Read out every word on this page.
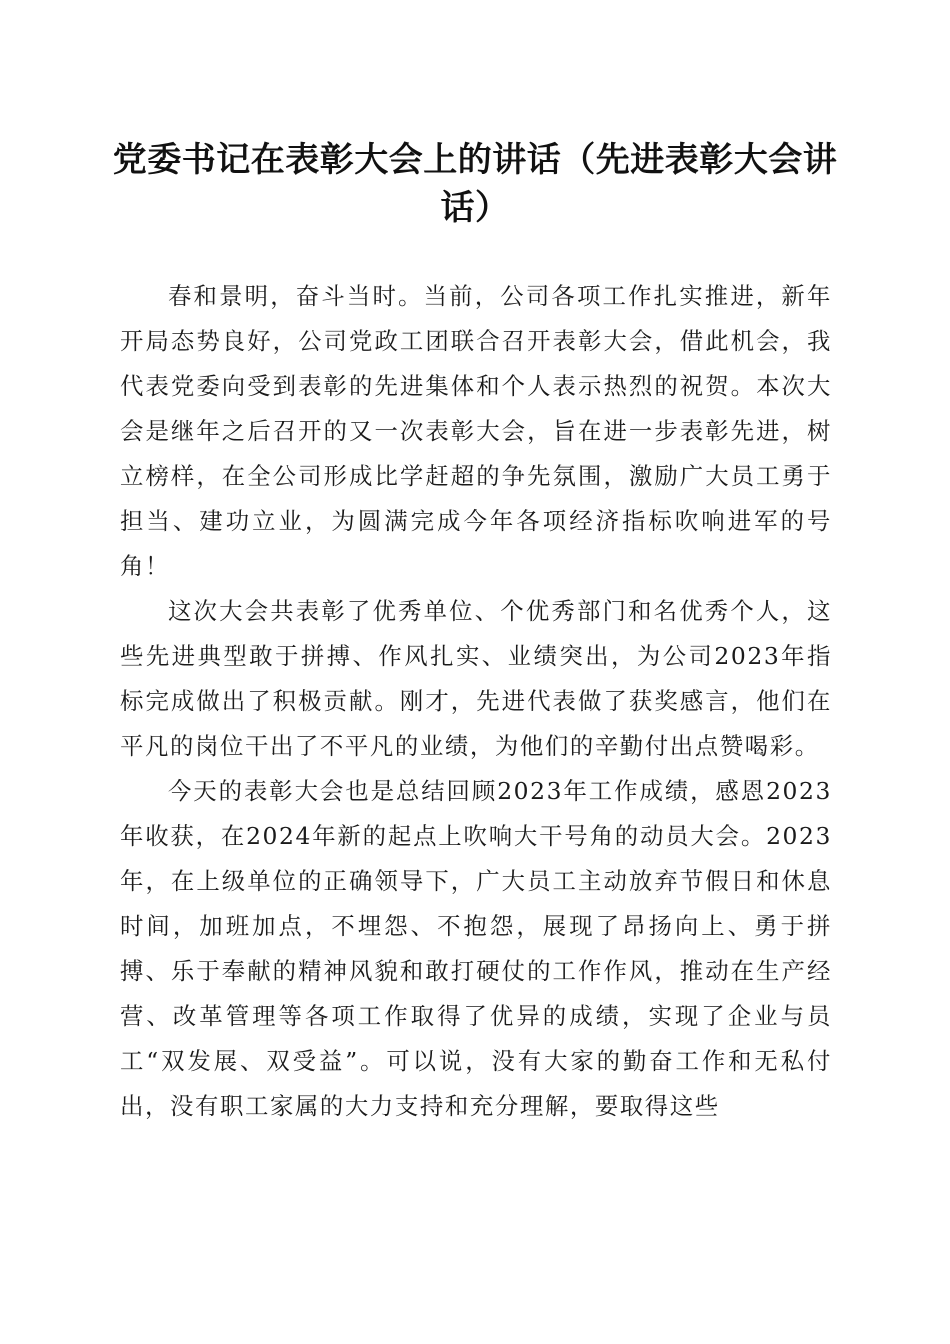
党委书记在表彰大会上的讲话（先进表彰大会讲话）

春和景明，奋斗当时。当前，公司各项工作扎实推进，新年开局态势良好，公司党政工团联合召开表彰大会，借此机会，我代表党委向受到表彰的先进集体和个人表示热烈的祝贺。本次大会是继年之后召开的又一次表彰大会，旨在进一步表彰先进，树立榜样，在全公司形成比学赶超的争先氛围，激励广大员工勇于担当、建功立业，为圆满完成今年各项经济指标吹响进军的号角！

这次大会共表彰了优秀单位、个优秀部门和名优秀个人，这些先进典型敢于拼搏、作风扎实、业绩突出，为公司2023年指标完成做出了积极贡献。刚才，先进代表做了获奖感言，他们在平凡的岗位干出了不平凡的业绩，为他们的辛勤付出点赞喝彩。

今天的表彰大会也是总结回顾2023年工作成绩，感恩2023年收获，在2024年新的起点上吹响大干号角的动员大会。2023年，在上级单位的正确领导下，广大员工主动放弃节假日和休息时间，加班加点，不埋怨、不抱怨，展现了昂扬向上、勇于拼搏、乐于奉献的精神风貌和敢打硬仗的工作作风，推动在生产经营、改革管理等各项工作取得了优异的成绩，实现了企业与员工“双发展、双受益”。可以说，没有大家的勤奋工作和无私付出，没有职工家属的大力支持和充分理解，要取得这些
